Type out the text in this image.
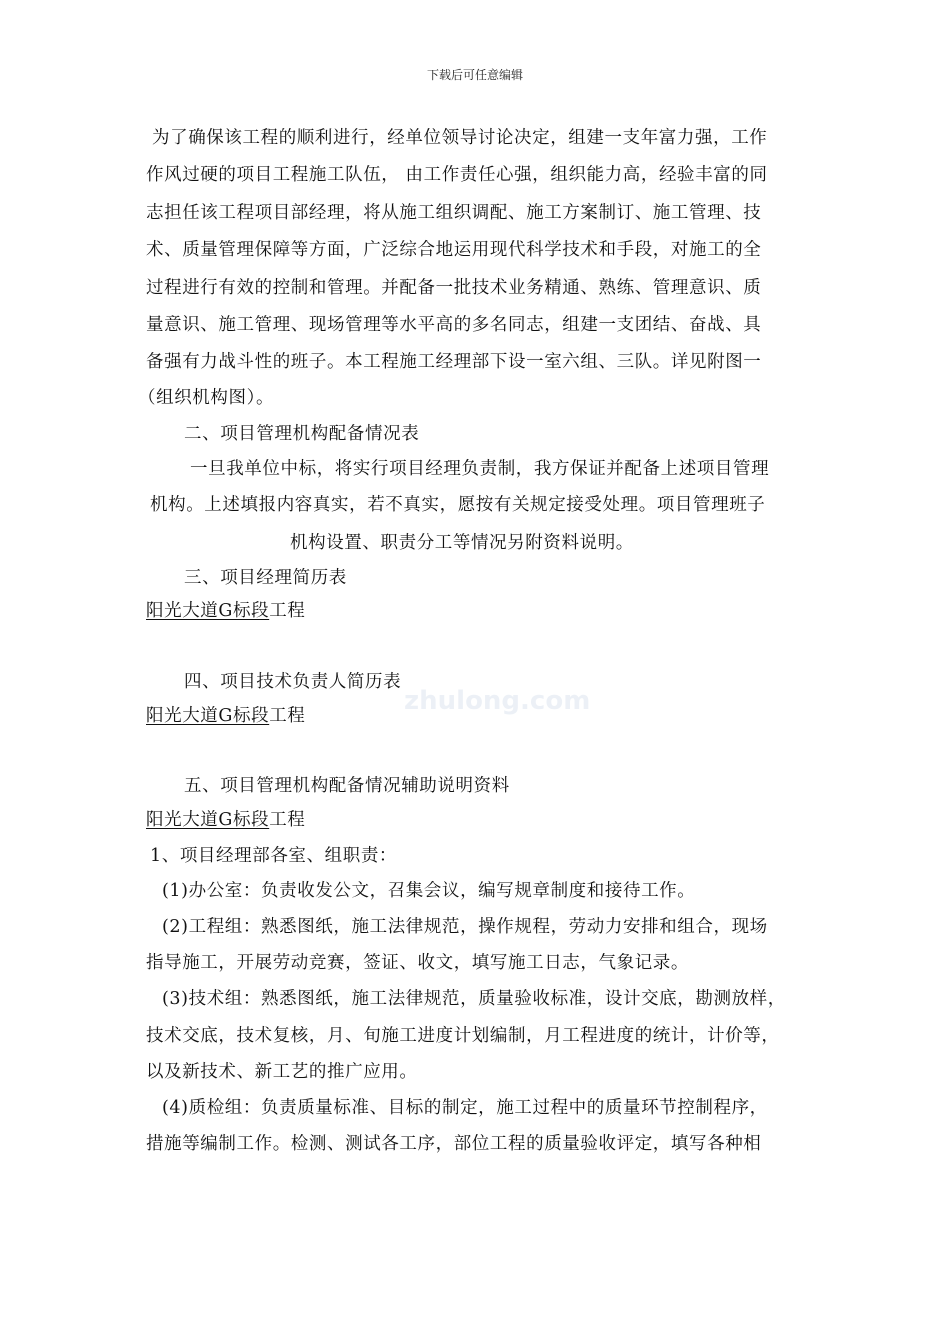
下载后可任意编辑
zhulong.com
为了确保该工程的顺利进行，经单位领导讨论决定，组建一支年富力强，工作
作风过硬的项目工程施工队伍， 由工作责任心强，组织能力高，经验丰富的同
志担任该工程项目部经理，将从施工组织调配、施工方案制订、施工管理、技
术、质量管理保障等方面，广泛综合地运用现代科学技术和手段，对施工的全
过程进行有效的控制和管理。并配备一批技术业务精通、熟练、管理意识、质
量意识、施工管理、现场管理等水平高的多名同志，组建一支团结、奋战、具
备强有力战斗性的班子。本工程施工经理部下设一室六组、三队。详见附图一
（组织机构图）。
二、项目管理机构配备情况表
一旦我单位中标，将实行项目经理负责制，我方保证并配备上述项目管理
机构。上述填报内容真实，若不真实，愿按有关规定接受处理。项目管理班子
机构设置、职责分工等情况另附资料说明。
三、项目经理简历表
阳光大道G标段工程
四、项目技术负责人简历表
阳光大道G标段工程
五、项目管理机构配备情况辅助说明资料
阳光大道G标段工程
1、项目经理部各室、组职责：
(1)办公室：负责收发公文，召集会议，编写规章制度和接待工作。
(2)工程组：熟悉图纸，施工法律规范，操作规程，劳动力安排和组合，现场
指导施工，开展劳动竞赛，签证、收文，填写施工日志，气象记录。
(3)技术组：熟悉图纸，施工法律规范，质量验收标准，设计交底，勘测放样，
技术交底，技术复核，月、旬施工进度计划编制，月工程进度的统计，计价等，
以及新技术、新工艺的推广应用。
(4)质检组：负责质量标准、目标的制定，施工过程中的质量环节控制程序，
措施等编制工作。检测、测试各工序，部位工程的质量验收评定，填写各种相
